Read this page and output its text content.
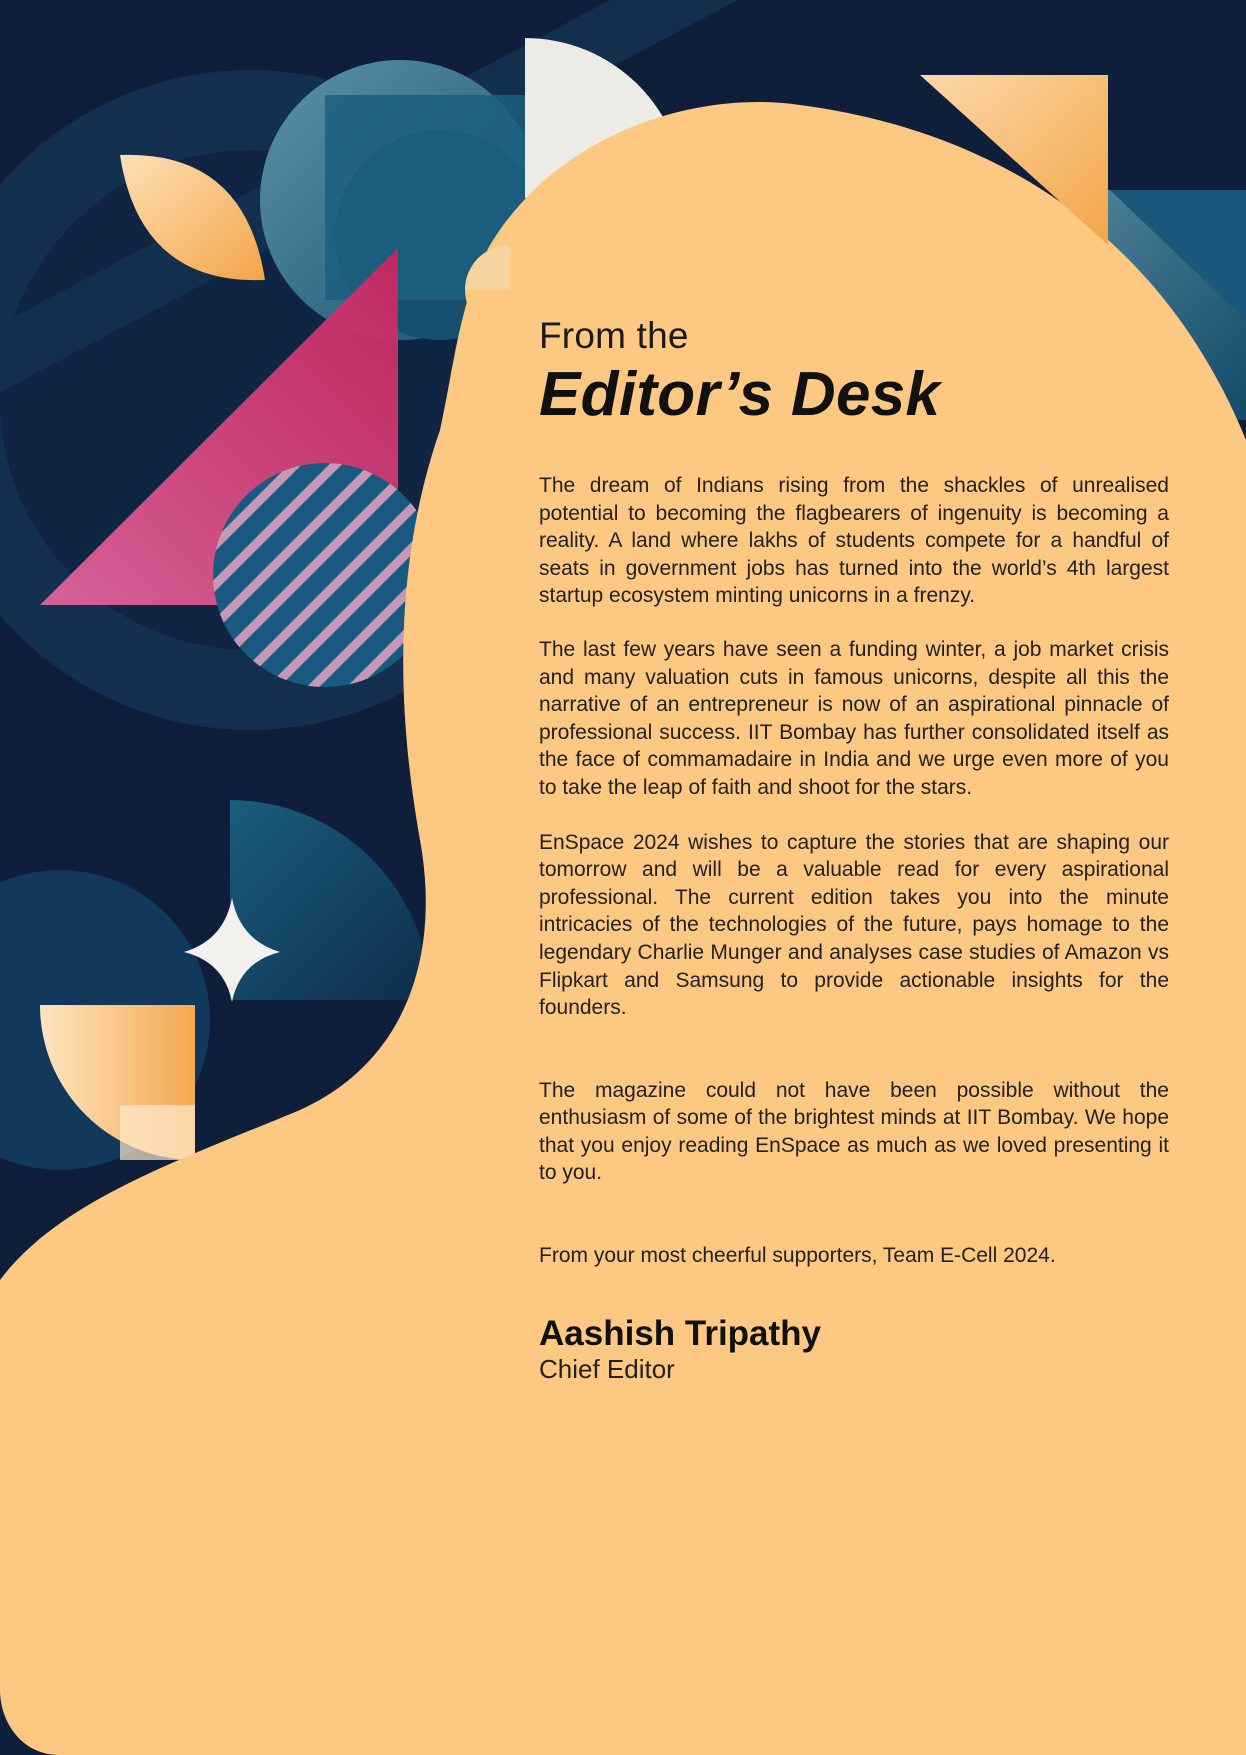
From the

Editor’s Desk

The dream of Indians rising from the shackles of unrealised potential to becoming the flagbearers of ingenuity is becoming a reality. A land where lakhs of students compete for a handful of seats in government jobs has turned into the world’s 4th largest startup ecosystem minting unicorns in a frenzy.

The last few years have seen a funding winter, a job market crisis and many valuation cuts in famous unicorns, despite all this the narrative of an entrepreneur is now of an aspirational pinnacle of professional success. IIT Bombay has further consolidated itself as the face of commamadaire in India and we urge even more of you to take the leap of faith and shoot for the stars.

EnSpace 2024 wishes to capture the stories that are shaping our tomorrow and will be a valuable read for every aspirational professional. The current edition takes you into the minute intricacies of the technologies of the future, pays homage to the legendary Charlie Munger and analyses case studies of Amazon vs Flipkart and Samsung to provide actionable insights for the founders.

The magazine could not have been possible without the enthusiasm of some of the brightest minds at IIT Bombay. We hope that you enjoy reading EnSpace as much as we loved presenting it to you.

From your most cheerful supporters, Team E-Cell 2024.

Aashish Tripathy

Chief Editor
